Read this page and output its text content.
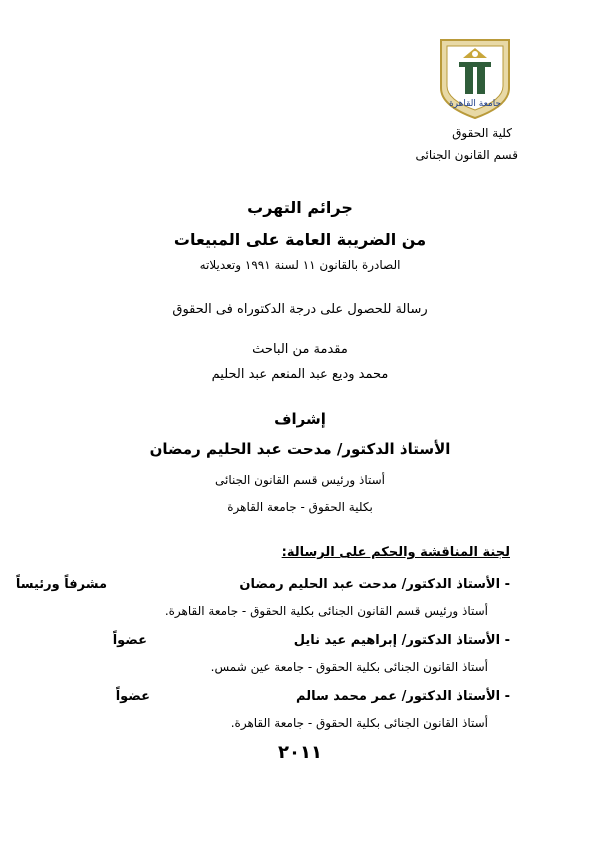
جامعة القاهرة
كلية الحقوق
قسم القانون الجنائى
جرائم التهرب
من الضريبة العامة على المبيعات
الصادرة بالقانون ١١ لسنة ١٩٩١ وتعديلاته
رسالة للحصول على درجة الدكتوراه فى الحقوق
مقدمة من الباحث
محمد وديع عبد المنعم عبد الحليم
إشراف
الأستاذ الدكتور/ مدحت عبد الحليم رمضان
أستاذ ورئيس قسم القانون الجنائى
بكلية الحقوق - جامعة القاهرة
لجنة المناقشة والحكم على الرسالة:
- الأستاذ الدكتور/ مدحت عبد الحليم رمضان
مشرفاً ورئيساً
أستاذ ورئيس قسم القانون الجنائى بكلية الحقوق - جامعة القاهرة.
- الأستاذ الدكتور/ إبراهيم عيد نايل
عضواً
أستاذ القانون الجنائى بكلية الحقوق - جامعة عين شمس.
- الأستاذ الدكتور/ عمر محمد سالم
عضواً
أستاذ القانون الجنائى بكلية الحقوق - جامعة القاهرة.
٢٠١١
